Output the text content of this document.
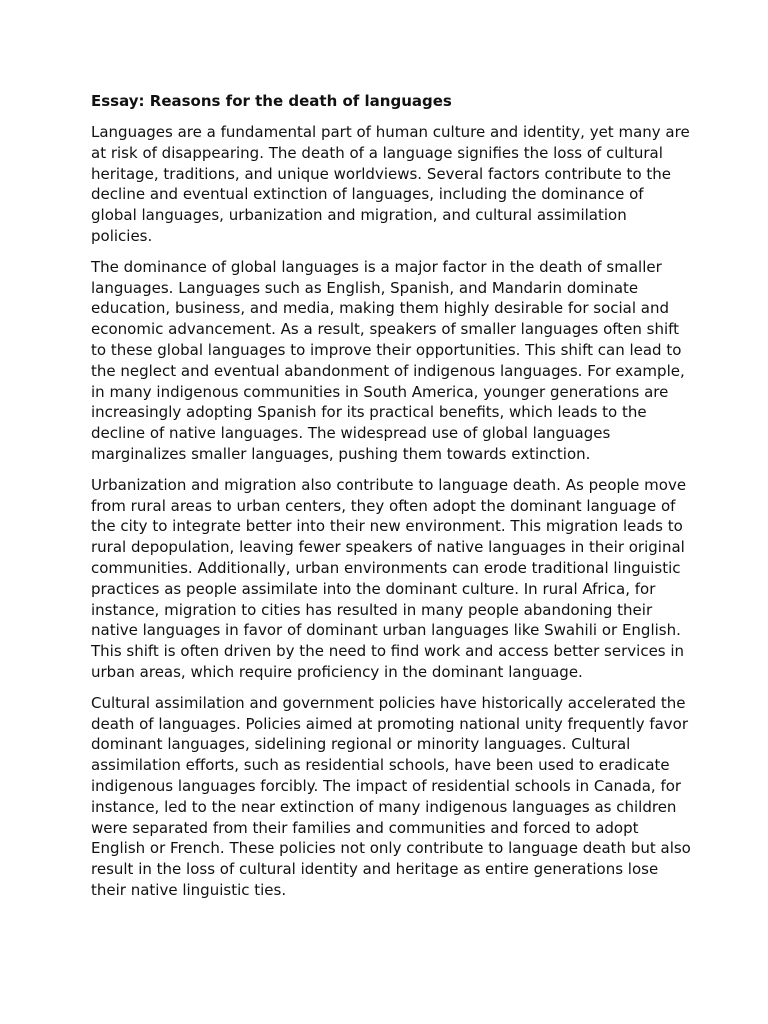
Essay: Reasons for the death of languages

Languages are a fundamental part of human culture and identity, yet many are at risk of disappearing. The death of a language signifies the loss of cultural heritage, traditions, and unique worldviews. Several factors contribute to the decline and eventual extinction of languages, including the dominance of global languages, urbanization and migration, and cultural assimilation policies.

The dominance of global languages is a major factor in the death of smaller languages. Languages such as English, Spanish, and Mandarin dominate education, business, and media, making them highly desirable for social and economic advancement. As a result, speakers of smaller languages often shift to these global languages to improve their opportunities. This shift can lead to the neglect and eventual abandonment of indigenous languages. For example, in many indigenous communities in South America, younger generations are increasingly adopting Spanish for its practical benefits, which leads to the decline of native languages. The widespread use of global languages marginalizes smaller languages, pushing them towards extinction.

Urbanization and migration also contribute to language death. As people move from rural areas to urban centers, they often adopt the dominant language of the city to integrate better into their new environment. This migration leads to rural depopulation, leaving fewer speakers of native languages in their original communities. Additionally, urban environments can erode traditional linguistic practices as people assimilate into the dominant culture. In rural Africa, for instance, migration to cities has resulted in many people abandoning their native languages in favor of dominant urban languages like Swahili or English. This shift is often driven by the need to find work and access better services in urban areas, which require proficiency in the dominant language.

Cultural assimilation and government policies have historically accelerated the death of languages. Policies aimed at promoting national unity frequently favor dominant languages, sidelining regional or minority languages. Cultural assimilation efforts, such as residential schools, have been used to eradicate indigenous languages forcibly. The impact of residential schools in Canada, for instance, led to the near extinction of many indigenous languages as children were separated from their families and communities and forced to adopt English or French. These policies not only contribute to language death but also result in the loss of cultural identity and heritage as entire generations lose their native linguistic ties.
